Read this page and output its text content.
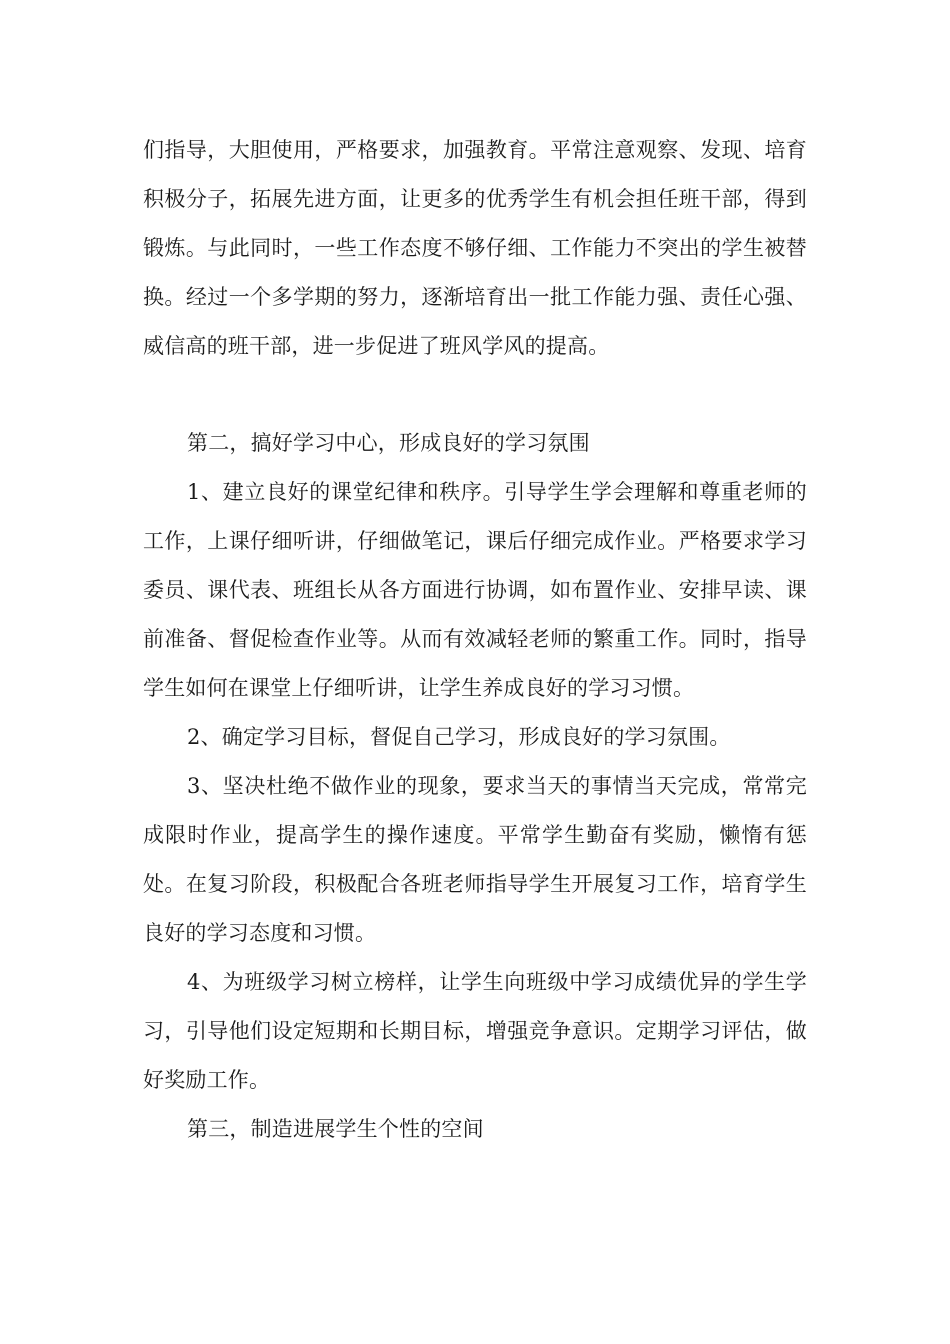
们指导，大胆使用，严格要求，加强教育。平常注意观察、发现、培育积极分子，拓展先进方面，让更多的优秀学生有机会担任班干部，得到锻炼。与此同时，一些工作态度不够仔细、工作能力不突出的学生被替换。经过一个多学期的努力，逐渐培育出一批工作能力强、责任心强、威信高的班干部，进一步促进了班风学风的提高。

第二，搞好学习中心，形成良好的学习氛围

1、建立良好的课堂纪律和秩序。引导学生学会理解和尊重老师的工作，上课仔细听讲，仔细做笔记，课后仔细完成作业。严格要求学习委员、课代表、班组长从各方面进行协调，如布置作业、安排早读、课前准备、督促检查作业等。从而有效减轻老师的繁重工作。同时，指导学生如何在课堂上仔细听讲，让学生养成良好的学习习惯。

2、确定学习目标，督促自己学习，形成良好的学习氛围。

3、坚决杜绝不做作业的现象，要求当天的事情当天完成，常常完成限时作业，提高学生的操作速度。平常学生勤奋有奖励，懒惰有惩处。在复习阶段，积极配合各班老师指导学生开展复习工作，培育学生良好的学习态度和习惯。

4、为班级学习树立榜样，让学生向班级中学习成绩优异的学生学习，引导他们设定短期和长期目标，增强竞争意识。定期学习评估，做好奖励工作。

第三，制造进展学生个性的空间
